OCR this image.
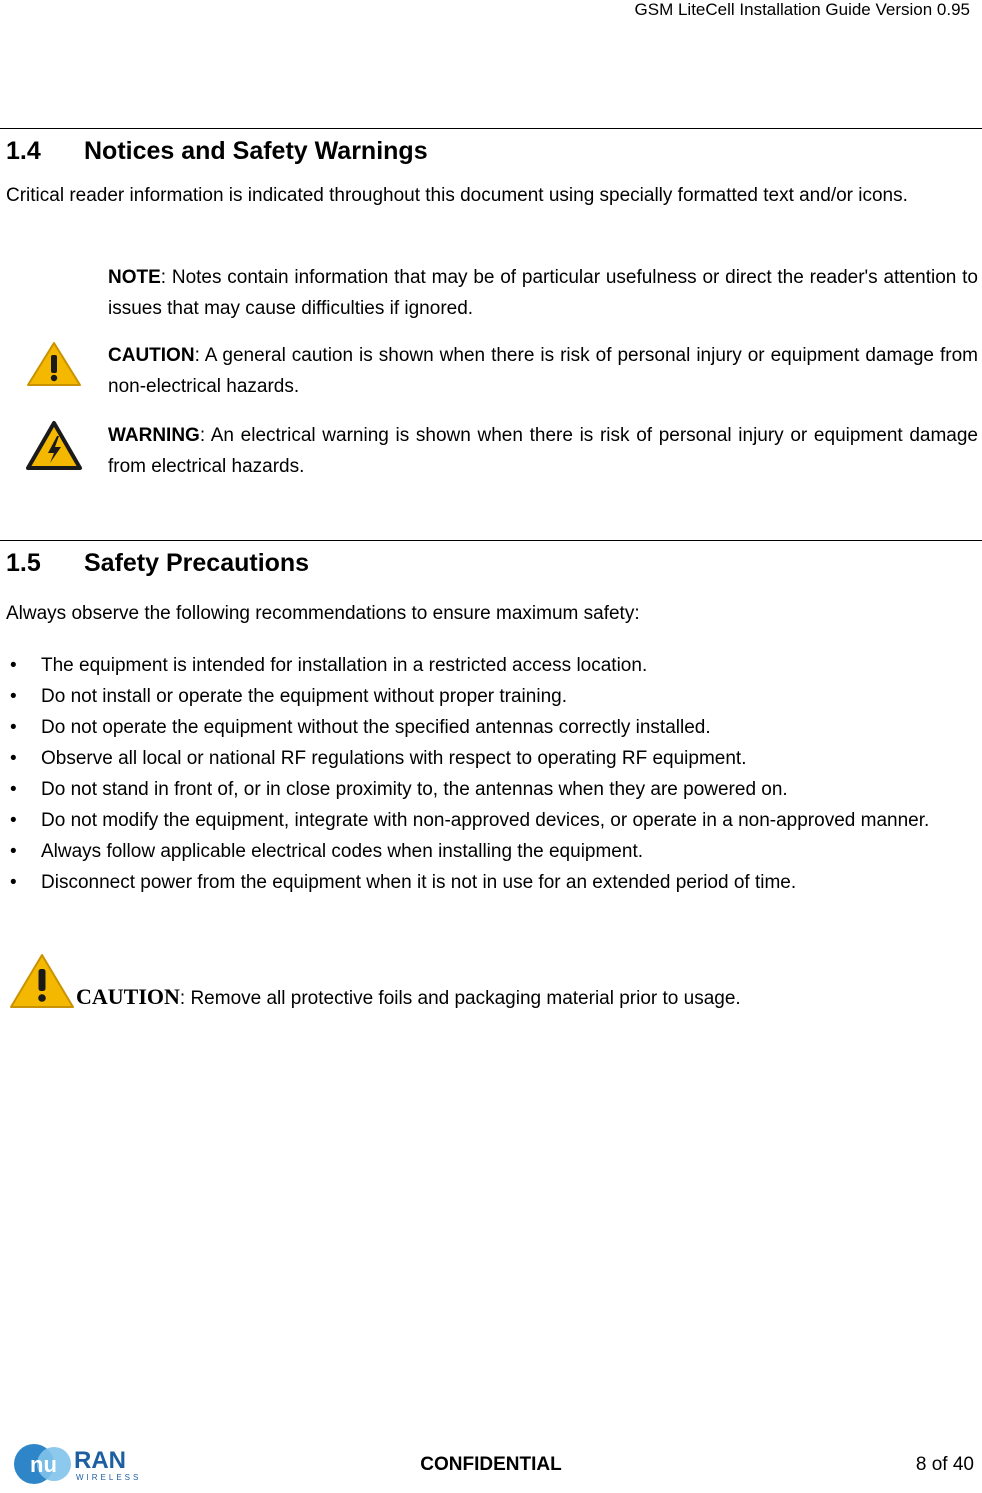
GSM LiteCell Installation Guide Version 0.95
1.4	Notices and Safety Warnings

Critical reader information is indicated throughout this document using specially formatted text and/or icons.

NOTE: Notes contain information that may be of particular usefulness or direct the reader's attention to issues that may cause difficulties if ignored.
CAUTION: A general caution is shown when there is risk of personal injury or equipment damage from non-electrical hazards.
WARNING: An electrical warning is shown when there is risk of personal injury or equipment damage from electrical hazards.
1.5	Safety Precautions

Always observe the following recommendations to ensure maximum safety:

• The equipment is intended for installation in a restricted access location.
• Do not install or operate the equipment without proper training.
• Do not operate the equipment without the specified antennas correctly installed.
• Observe all local or national RF regulations with respect to operating RF equipment.
• Do not stand in front of, or in close proximity to, the antennas when they are powered on.
• Do not modify the equipment, integrate with non-approved devices, or operate in a non-approved manner.
• Always follow applicable electrical codes when installing the equipment.
• Disconnect power from the equipment when it is not in use for an extended period of time.
CAUTION : Remove all protective foils and packaging material prior to usage.
nu RAN
WIRELESS
CONFIDENTIAL	8 of 40
